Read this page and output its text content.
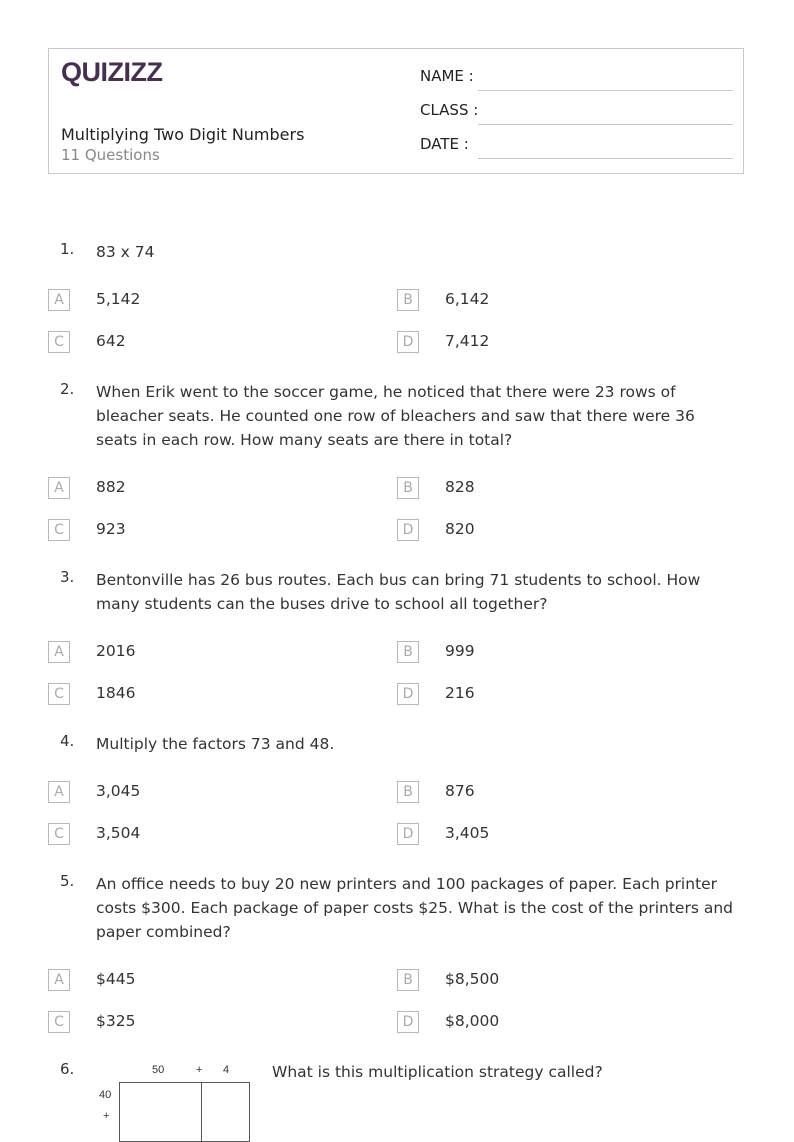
QUIZIZZ
Multiplying Two Digit Numbers
11 Questions
NAME :
CLASS :
DATE :
1. 83 x 74
A	5,142	B	6,142
C	642	D	7,412
2. When Erik went to the soccer game, he noticed that there were 23 rows of bleacher seats. He counted one row of bleachers and saw that there were 36 seats in each row. How many seats are there in total?
A	882	B	828
C	923	D	820
3. Bentonville has 26 bus routes. Each bus can bring 71 students to school. How many students can the buses drive to school all together?
A	2016	B	999
C	1846	D	216
4. Multiply the factors 73 and 48.
A	3,045	B	876
C	3,504	D	3,405
5. An office needs to buy 20 new printers and 100 packages of paper. Each printer costs $300. Each package of paper costs $25. What is the cost of the printers and paper combined?
A	$445	B	$8,500
C	$325	D	$8,000
6.	What is this multiplication strategy called?
50	+ 4
40
+
